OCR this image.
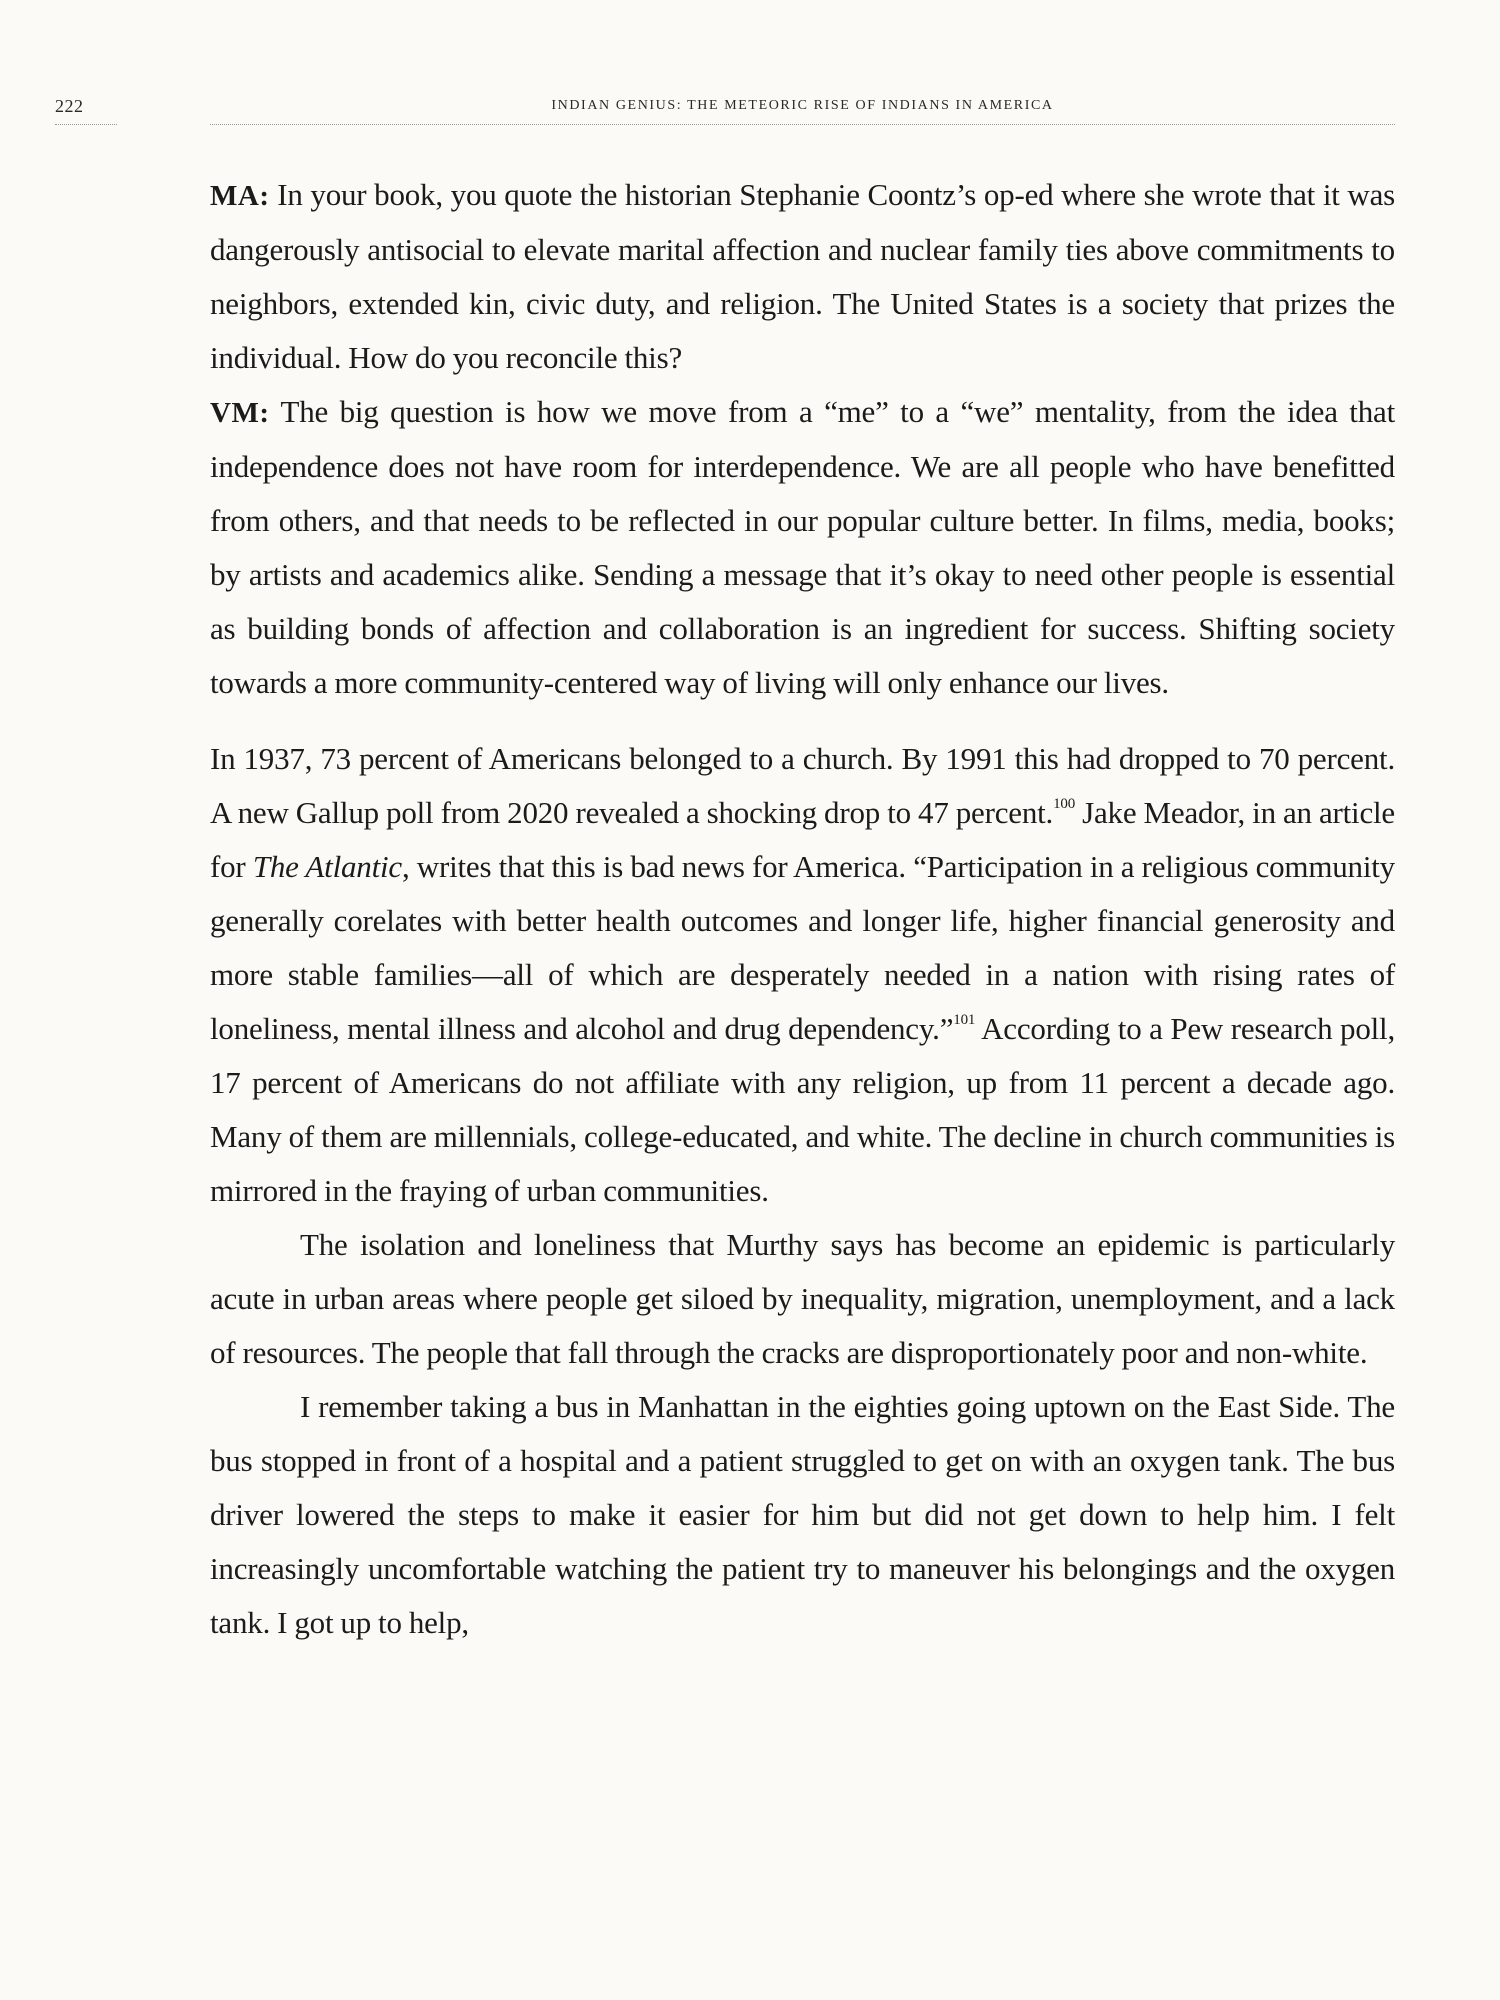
222	INDIAN GENIUS: THE METEORIC RISE OF INDIANS IN AMERICA

MA: In your book, you quote the historian Stephanie Coontz’s op-ed where she wrote that it was dangerously antisocial to elevate marital affection and nuclear family ties above commitments to neighbors, extended kin, civic duty, and religion. The United States is a society that prizes the individual. How do you reconcile this?

VM: The big question is how we move from a “me” to a “we” mentality, from the idea that independence does not have room for interdependence. We are all people who have benefitted from others, and that needs to be reflected in our popular culture better. In films, media, books; by artists and academics alike. Sending a message that it’s okay to need other people is essential as building bonds of affection and collaboration is an ingredient for success. Shifting society towards a more community-centered way of living will only enhance our lives.

In 1937, 73 percent of Americans belonged to a church. By 1991 this had dropped to 70 percent. A new Gallup poll from 2020 revealed a shocking drop to 47 percent.$^{100}$ Jake Meador, in an article for The Atlantic, writes that this is bad news for America. “Participation in a religious community generally corelates with better health outcomes and longer life, higher financial generosity and more stable families—all of which are desperately needed in a nation with rising rates of loneliness, mental illness and alcohol and drug dependency.”$^{101}$ According to a Pew research poll, 17 percent of Americans do not affiliate with any religion, up from 11 percent a decade ago. Many of them are millennials, college-educated, and white. The decline in church communities is mirrored in the fraying of urban communities.

The isolation and loneliness that Murthy says has become an epidemic is particularly acute in urban areas where people get siloed by inequality, migration, unemployment, and a lack of resources. The people that fall through the cracks are disproportionately poor and non-white.

I remember taking a bus in Manhattan in the eighties going uptown on the East Side. The bus stopped in front of a hospital and a patient struggled to get on with an oxygen tank. The bus driver lowered the steps to make it easier for him but did not get down to help him. I felt increasingly uncomfortable watching the patient try to maneuver his belongings and the oxygen tank. I got up to help,
